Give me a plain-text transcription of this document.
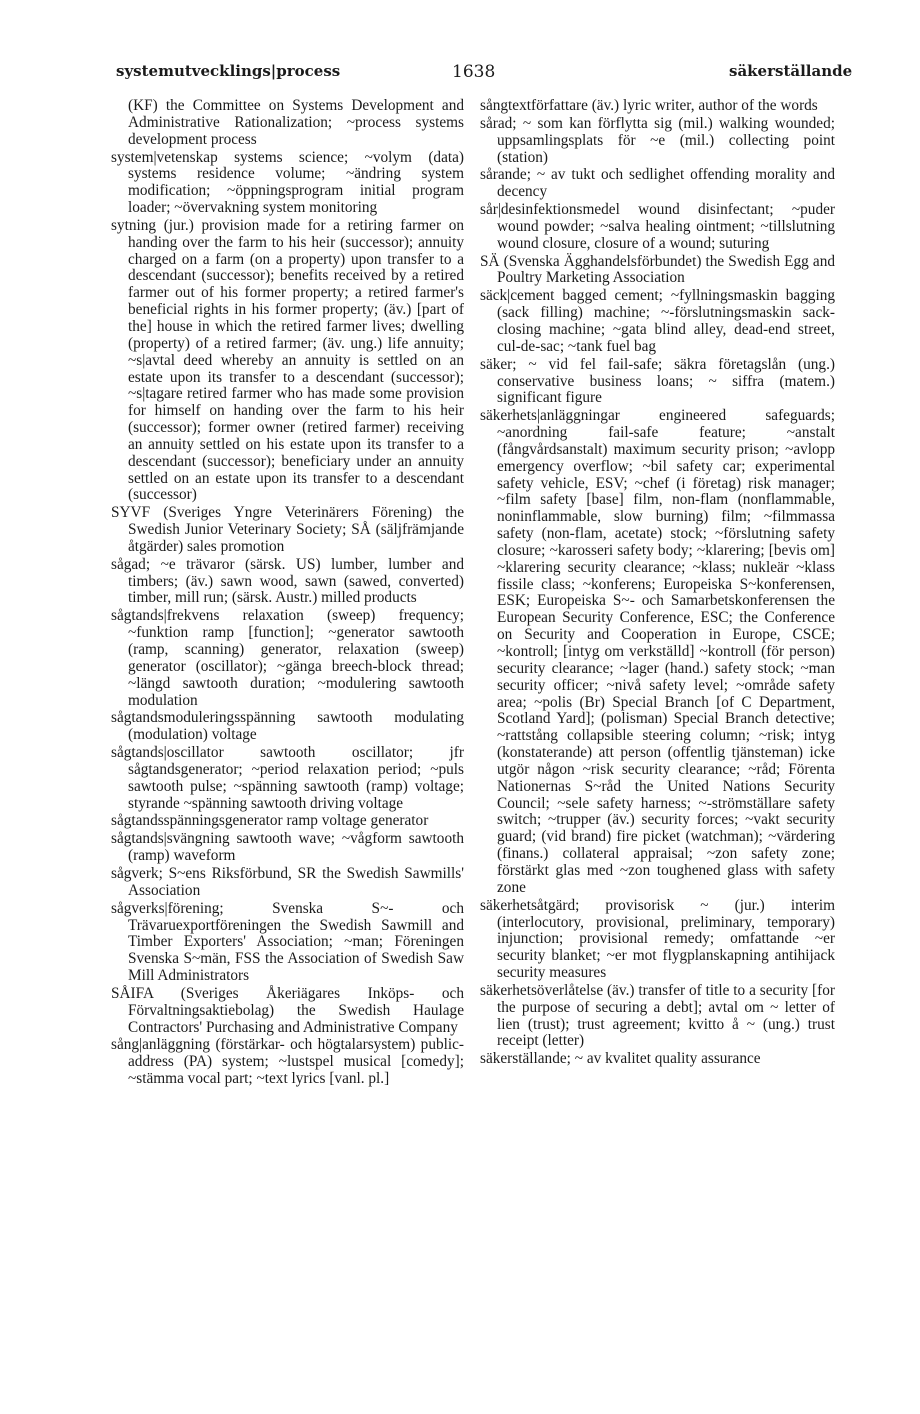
systemutvecklings|process	1638	säkerställande

(KF) the Committee on Systems Development and Administrative Rationalization; ~process systems development process

system|vetenskap systems science; ~volym (data) systems residence volume; ~ändring system modification; ~öppningsprogram initial program loader; ~övervakning system monitoring

sytning (jur.) provision made for a retiring farmer on handing over the farm to his heir (successor); annuity charged on a farm (on a property) upon transfer to a descendant (successor); benefits received by a retired farmer out of his former property; a retired farmer's beneficial rights in his former property; (äv.) [part of the] house in which the retired farmer lives; dwelling (property) of a retired farmer; (äv. ung.) life annuity; ~s|avtal deed whereby an annuity is settled on an estate upon its transfer to a descendant (successor); ~s|tagare retired farmer who has made some provision for himself on handing over the farm to his heir (successor); former owner (retired farmer) receiving an annuity settled on his estate upon its transfer to a descendant (successor); beneficiary under an annuity settled on an estate upon its transfer to a descendant (successor)

SYVF (Sveriges Yngre Veterinärers Förening) the Swedish Junior Veterinary Society; SÅ (säljfrämjande åtgärder) sales promotion

sågad; ~e trävaror (särsk. US) lumber, lumber and timbers; (äv.) sawn wood, sawn (sawed, converted) timber, mill run; (särsk. Austr.) milled products

sågtands|frekvens relaxation (sweep) frequency; ~funktion ramp [function]; ~generator sawtooth (ramp, scanning) generator, relaxation (sweep) generator (oscillator); ~gänga breech-block thread; ~längd sawtooth duration; ~modulering sawtooth modulation

sågtandsmoduleringsspänning sawtooth modulating (modulation) voltage

sågtands|oscillator sawtooth oscillator; jfr sågtandsgenerator; ~period relaxation period; ~puls sawtooth pulse; ~spänning sawtooth (ramp) voltage; styrande ~spänning sawtooth driving voltage

sågtandsspänningsgenerator ramp voltage generator

sågtands|svängning sawtooth wave; ~vågform sawtooth (ramp) waveform

sågverk; S~ens Riksförbund, SR the Swedish Sawmills' Association

sågverks|förening; Svenska S~- och Trävaruexportföreningen the Swedish Sawmill and Timber Exporters' Association; ~man; Föreningen Svenska S~män, FSS the Association of Swedish Saw Mill Administrators

SÅIFA (Sveriges Åkeriägares Inköps- och Förvaltningsaktiebolag) the Swedish Haulage Contractors' Purchasing and Administrative Company

sång|anläggning (förstärkar- och högtalarsystem) public-address (PA) system; ~lustspel musical [comedy]; ~stämma vocal part; ~text lyrics [vanl. pl.]

sångtextförfattare (äv.) lyric writer, author of the words

sårad; ~ som kan förflytta sig (mil.) walking wounded; uppsamlingsplats för ~e (mil.) collecting point (station)

sårande; ~ av tukt och sedlighet offending morality and decency

sår|desinfektionsmedel wound disinfectant; ~puder wound powder; ~salva healing ointment; ~tillslutning wound closure, closure of a wound; suturing

SÄ (Svenska Ägghandelsförbundet) the Swedish Egg and Poultry Marketing Association

säck|cement bagged cement; ~fyllningsmaskin bagging (sack filling) machine; ~-förslutningsmaskin sack-closing machine; ~gata blind alley, dead-end street, cul-de-sac; ~tank fuel bag

säker; ~ vid fel fail-safe; säkra företagslån (ung.) conservative business loans; ~ siffra (matem.) significant figure

säkerhets|anläggningar engineered safeguards; ~anordning fail-safe feature; ~anstalt (fångvårdsanstalt) maximum security prison; ~avlopp emergency overflow; ~bil safety car; experimental safety vehicle, ESV; ~chef (i företag) risk manager; ~film safety [base] film, non-flam (nonflammable, noninflammable, slow burning) film; ~filmmassa safety (non-flam, acetate) stock; ~förslutning safety closure; ~karosseri safety body; ~klarering; [bevis om] ~klarering security clearance; ~klass; nukleär ~klass fissile class; ~konferens; Europeiska S~konferensen, ESK; Europeiska S~- och Samarbetskonferensen the European Security Conference, ESC; the Conference on Security and Cooperation in Europe, CSCE; ~kontroll; [intyg om verkställd] ~kontroll (för person) security clearance; ~lager (hand.) safety stock; ~man security officer; ~nivå safety level; ~område safety area; ~polis (Br) Special Branch [of C Department, Scotland Yard]; (polisman) Special Branch detective; ~rattstång collapsible steering column; ~risk; intyg (konstaterande) att person (offentlig tjänsteman) icke utgör någon ~risk security clearance; ~råd; Förenta Nationernas S~råd the United Nations Security Council; ~sele safety harness; ~-strömställare safety switch; ~trupper (äv.) security forces; ~vakt security guard; (vid brand) fire picket (watchman); ~värdering (finans.) collateral appraisal; ~zon safety zone; förstärkt glas med ~zon toughened glass with safety zone

säkerhetsåtgärd; provisorisk ~ (jur.) interim (interlocutory, provisional, preliminary, temporary) injunction; provisional remedy; omfattande ~er security blanket; ~er mot flygplanskapning antihijack security measures

säkerhetsöverlåtelse (äv.) transfer of title to a security [for the purpose of securing a debt]; avtal om ~ letter of lien (trust); trust agreement; kvitto å ~ (ung.) trust receipt (letter)

säkerställande; ~ av kvalitet quality assurance
